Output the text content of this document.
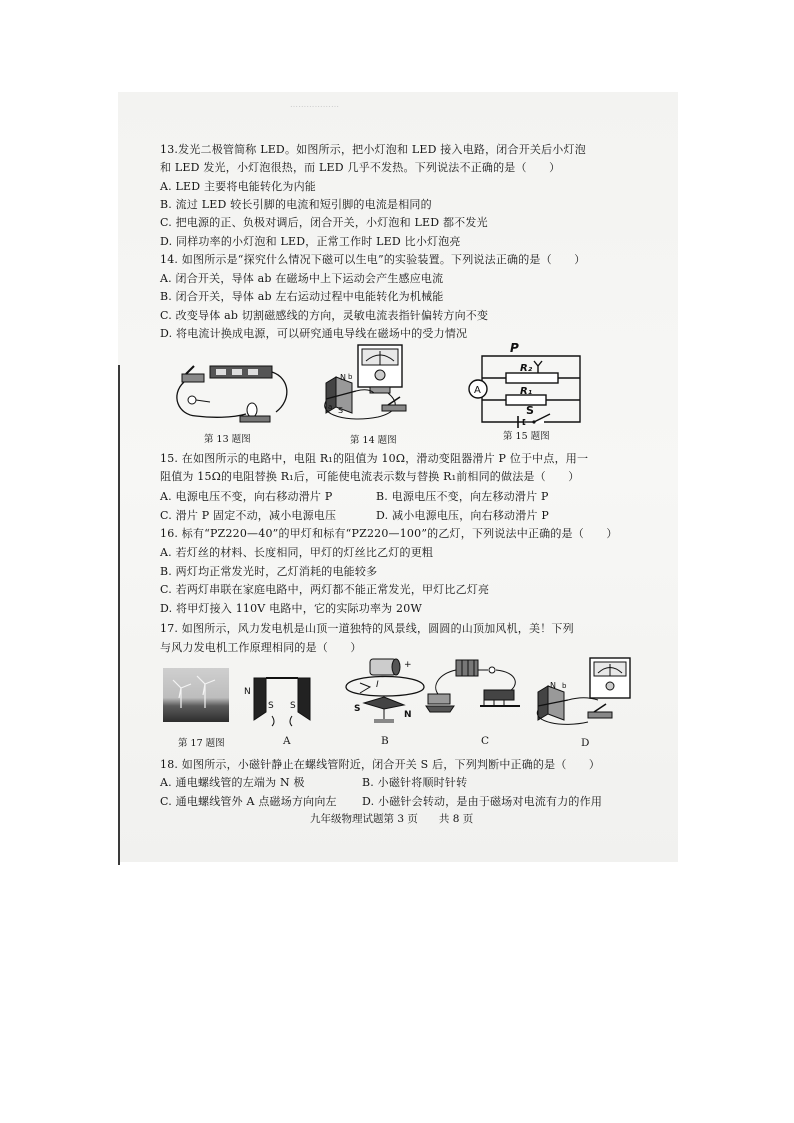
………………
13.发光二极管简称 LED。如图所示，把小灯泡和 LED 接入电路，闭合开关后小灯泡
和 LED 发光，小灯泡很热，而 LED 几乎不发热。下列说法不正确的是（　　）
A. LED 主要将电能转化为内能
B. 流过 LED 较长引脚的电流和短引脚的电流是相同的
C. 把电源的正、负极对调后，闭合开关，小灯泡和 LED 都不发光
D. 同样功率的小灯泡和 LED，正常工作时 LED 比小灯泡亮
14. 如图所示是“探究什么情况下磁可以生电”的实验装置。下列说法正确的是（　　）
A. 闭合开关，导体 ab 在磁场中上下运动会产生感应电流
B. 闭合开关，导体 ab 左右运动过程中电能转化为机械能
C. 改变导体 ab 切割磁感线的方向，灵敏电流表指针偏转方向不变
D. 将电流计换成电源，可以研究通电导线在磁场中的受力情况
第 13 题图
N
S
a
b
第 14 题图
P
R₂
R₁
A
S
第 15 题图
15. 在如图所示的电路中，电阻 R₁的阻值为 10Ω，滑动变阻器滑片 P 位于中点，用一
阻值为 15Ω的电阻替换 R₁后，可能使电流表示数与替换 R₁前相同的做法是（　　）
A. 电源电压不变，向右移动滑片 P	B. 电源电压不变，向左移动滑片 P
C. 滑片 P 固定不动，减小电源电压	D. 减小电源电压，向右移动滑片 P
16. 标有“PZ220—40”的甲灯和标有“PZ220—100”的乙灯，下列说法中正确的是（　　）
A. 若灯丝的材料、长度相同，甲灯的灯丝比乙灯的更粗
B. 两灯均正常发光时，乙灯消耗的电能较多
C. 若两灯串联在家庭电路中，两灯都不能正常发光，甲灯比乙灯亮
D. 将甲灯接入 110V 电路中，它的实际功率为 20W
17. 如图所示，风力发电机是山顶一道独特的风景线，圆圆的山顶加风机，美！下列
与风力发电机工作原理相同的是（　　）
第 17 题图
N
S S
A
+
I
S
N
B	C
N b
D
18. 如图所示，小磁针静止在螺线管附近，闭合开关 S 后，下列判断中正确的是（　　）
A. 通电螺线管的左端为 N 极	B. 小磁针将顺时针转
C. 通电螺线管外 A 点磁场方向向左 D. 小磁针会转动，是由于磁场对电流有力的作用
九年级物理试题第 3 页　　共 8 页
